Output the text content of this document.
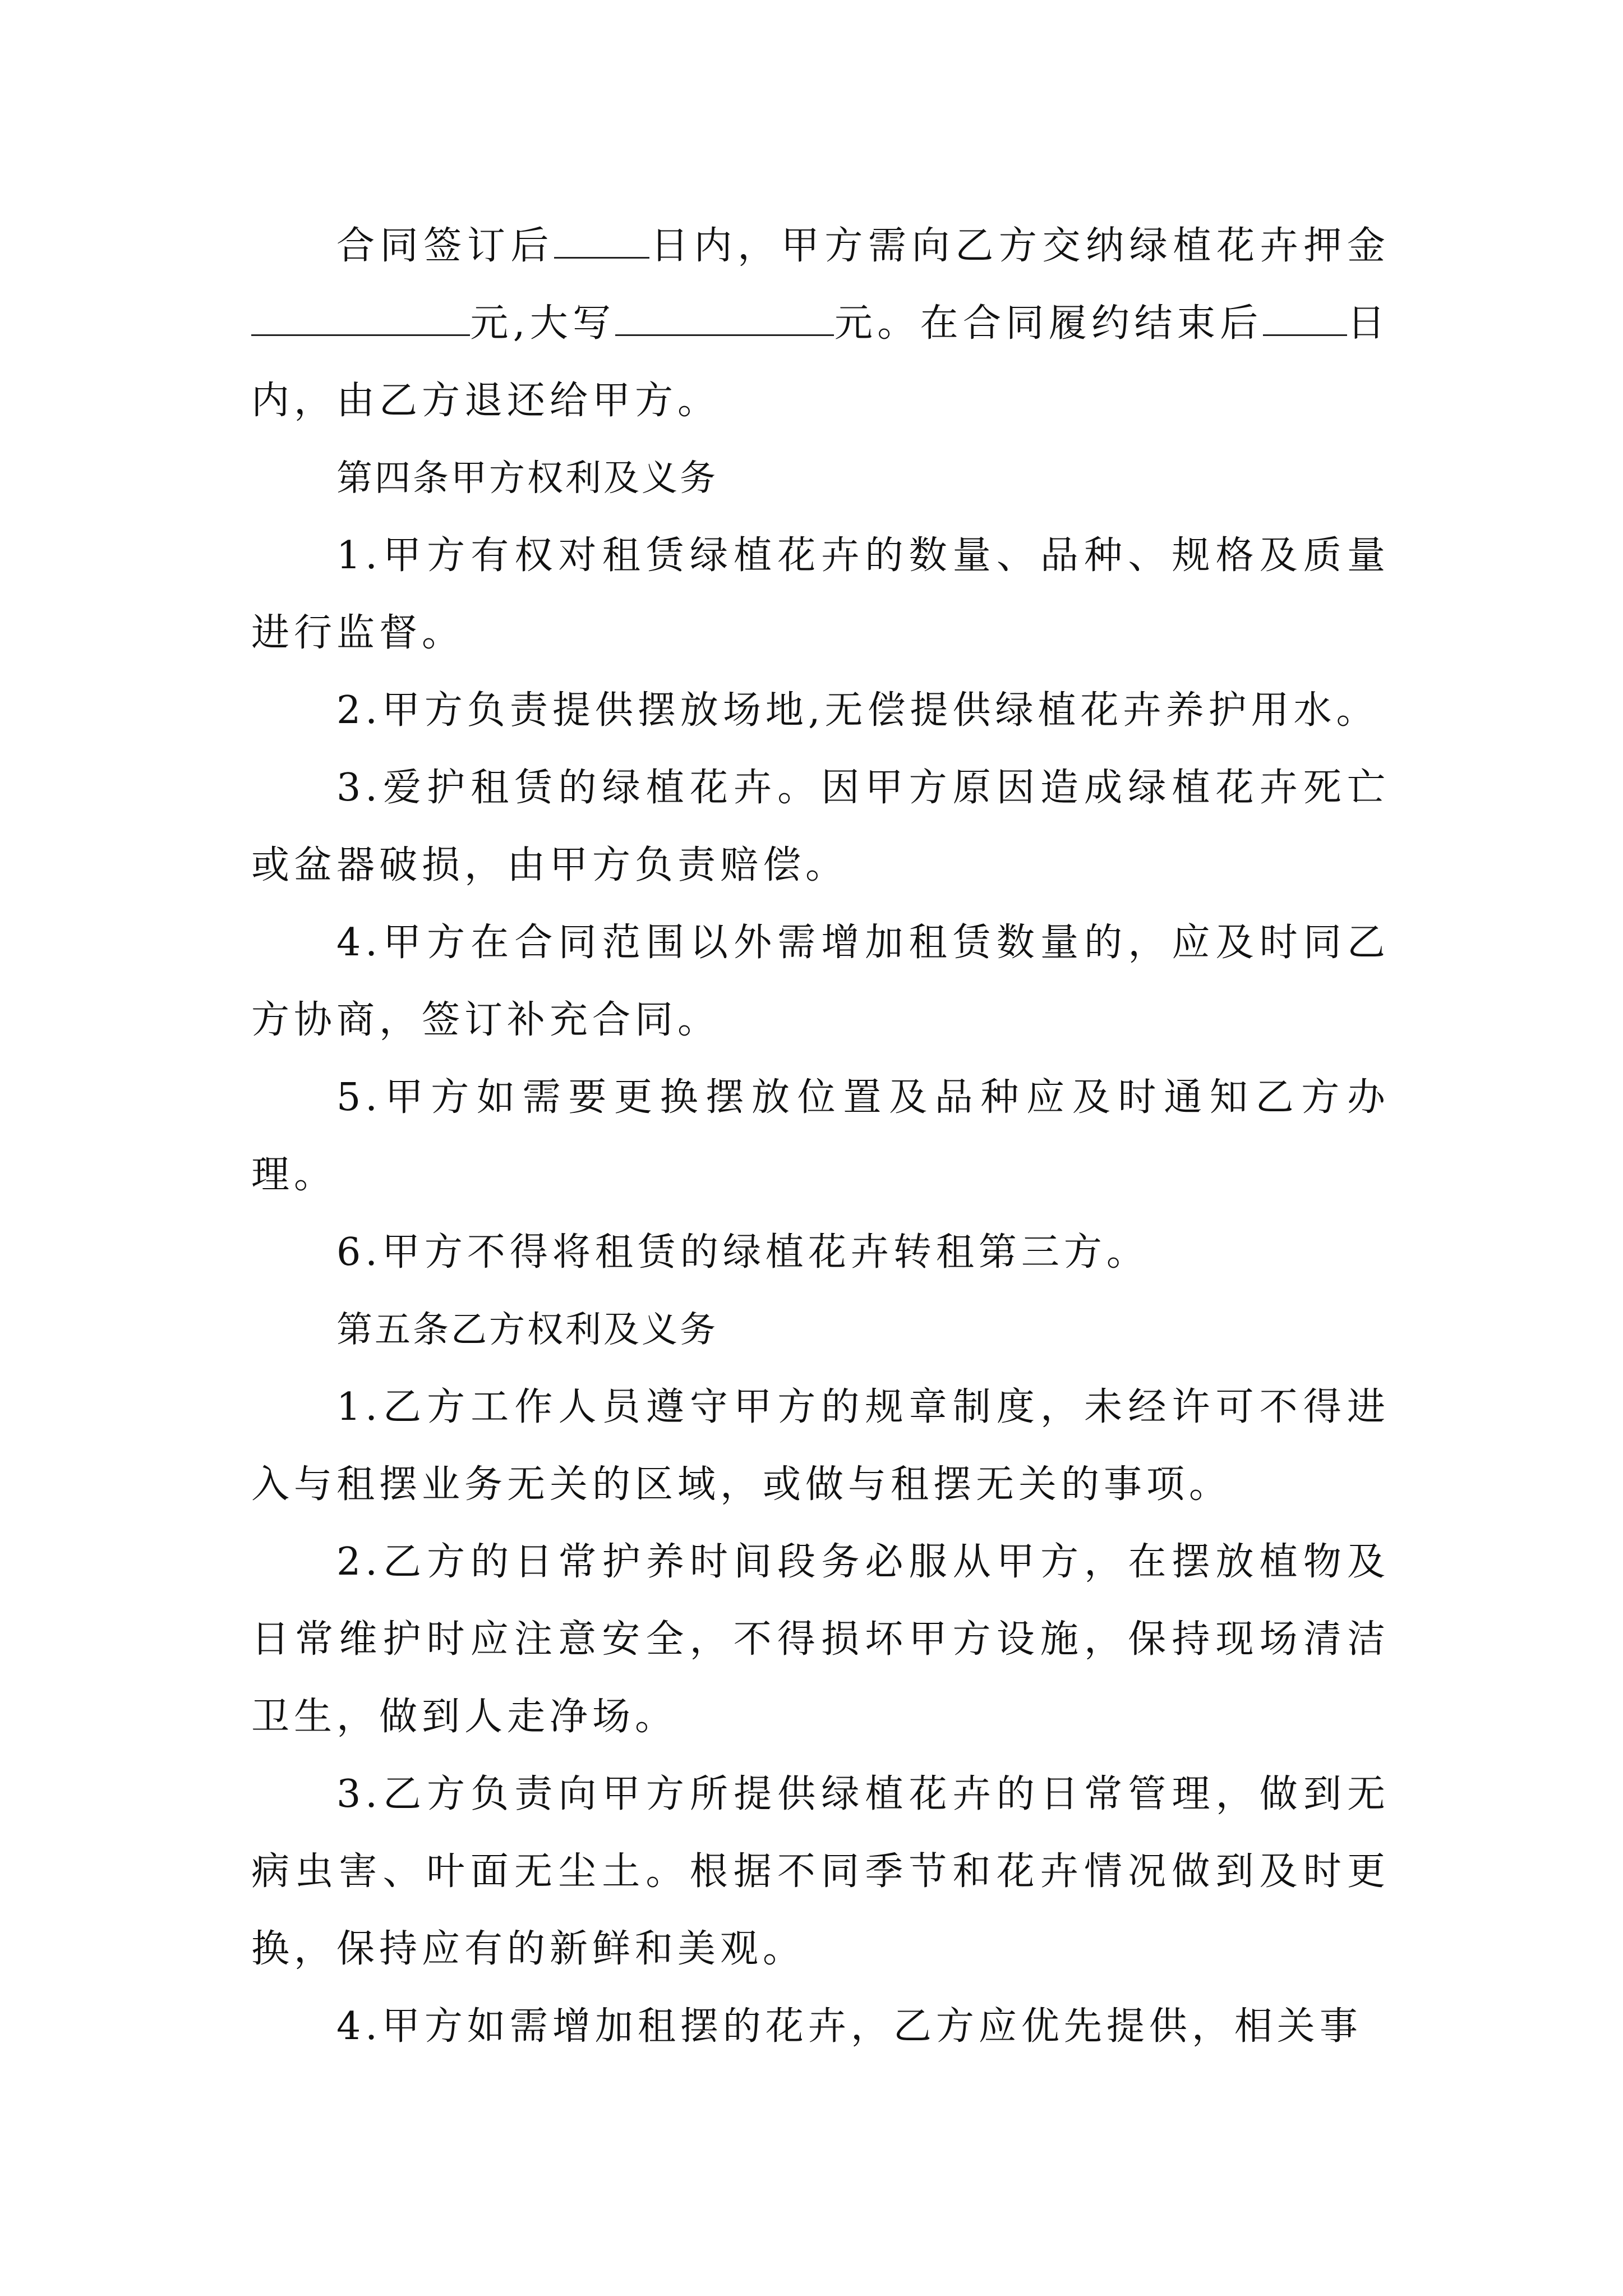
合同签订后	日内，甲方需向乙方交纳绿植花卉押金元,大写	元。在合同履约结束后 日内，由乙方退还给甲方。

第四条甲方权利及义务

1.甲方有权对租赁绿植花卉的数量、品种、规格及质量进行监督。

2.甲方负责提供摆放场地,无偿提供绿植花卉养护用水。

3.爱护租赁的绿植花卉。因甲方原因造成绿植花卉死亡或盆器破损，由甲方负责赔偿。

4.甲方在合同范围以外需增加租赁数量的，应及时同乙方协商，签订补充合同。

5.甲方如需要更换摆放位置及品种应及时通知乙方办理。

6.甲方不得将租赁的绿植花卉转租第三方。

第五条乙方权利及义务

1.乙方工作人员遵守甲方的规章制度，未经许可不得进入与租摆业务无关的区域，或做与租摆无关的事项。

2.乙方的日常护养时间段务必服从甲方，在摆放植物及日常维护时应注意安全，不得损坏甲方设施，保持现场清洁卫生，做到人走净场。

3.乙方负责向甲方所提供绿植花卉的日常管理，做到无病虫害、叶面无尘土。根据不同季节和花卉情况做到及时更换，保持应有的新鲜和美观。

4.甲方如需增加租摆的花卉，乙方应优先提供，相关事
